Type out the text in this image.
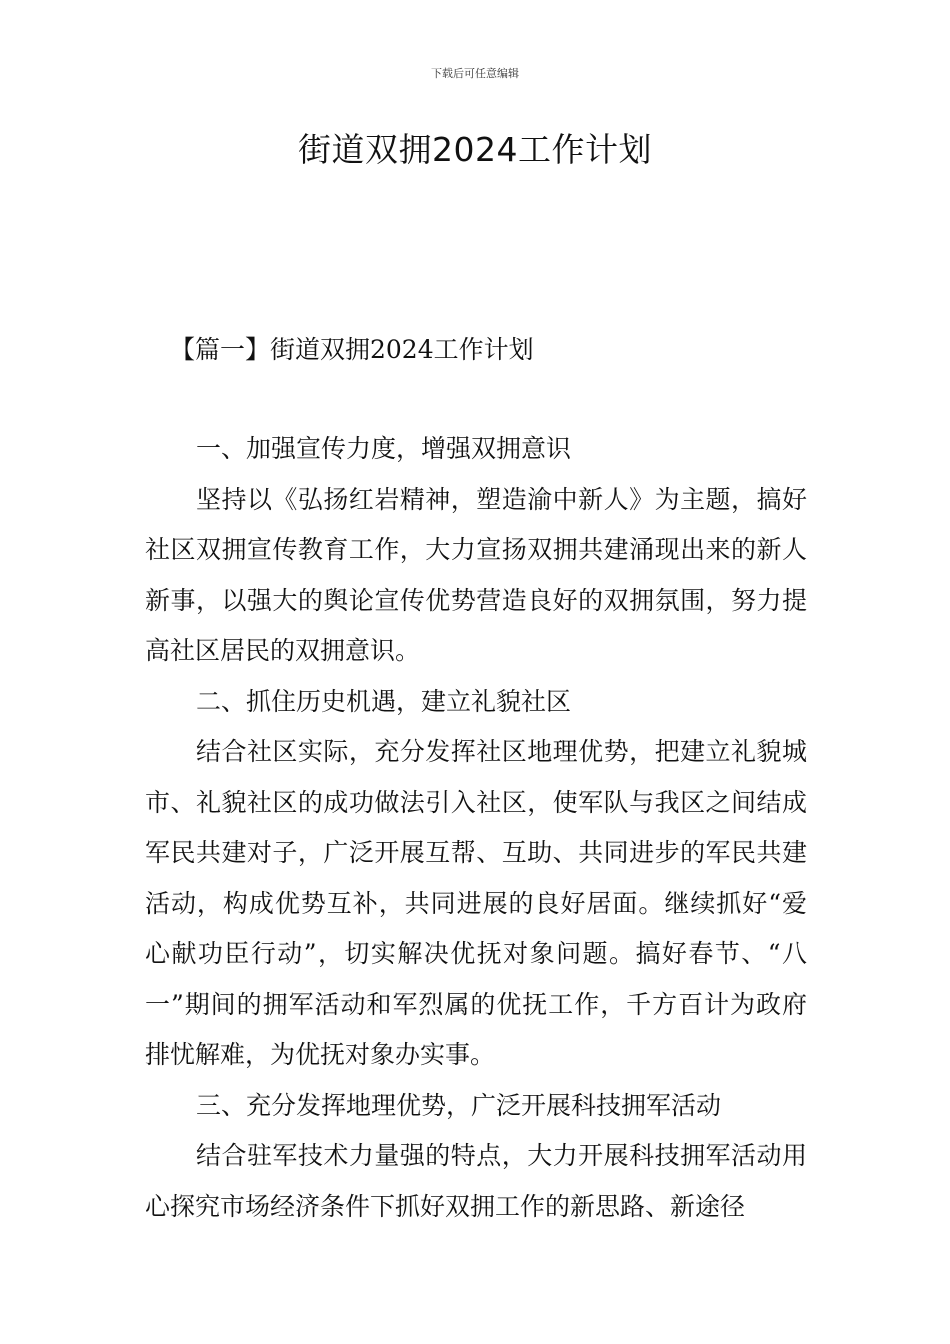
下载后可任意编辑
街道双拥2024工作计划
【篇一】街道双拥2024工作计划

一、加强宣传力度，增强双拥意识

坚持以《弘扬红岩精神，塑造渝中新人》为主题，搞好社区双拥宣传教育工作，大力宣扬双拥共建涌现出来的新人新事，以强大的舆论宣传优势营造良好的双拥氛围，努力提高社区居民的双拥意识。

二、抓住历史机遇，建立礼貌社区

结合社区实际，充分发挥社区地理优势，把建立礼貌城市、礼貌社区的成功做法引入社区，使军队与我区之间结成军民共建对子，广泛开展互帮、互助、共同进步的军民共建活动，构成优势互补，共同进展的良好居面。继续抓好“爱心献功臣行动”，切实解决优抚对象问题。搞好春节、“八一”期间的拥军活动和军烈属的优抚工作，千方百计为政府排忧解难，为优抚对象办实事。

三、充分发挥地理优势，广泛开展科技拥军活动

结合驻军技术力量强的特点，大力开展科技拥军活动用心探究市场经济条件下抓好双拥工作的新思路、新途径
